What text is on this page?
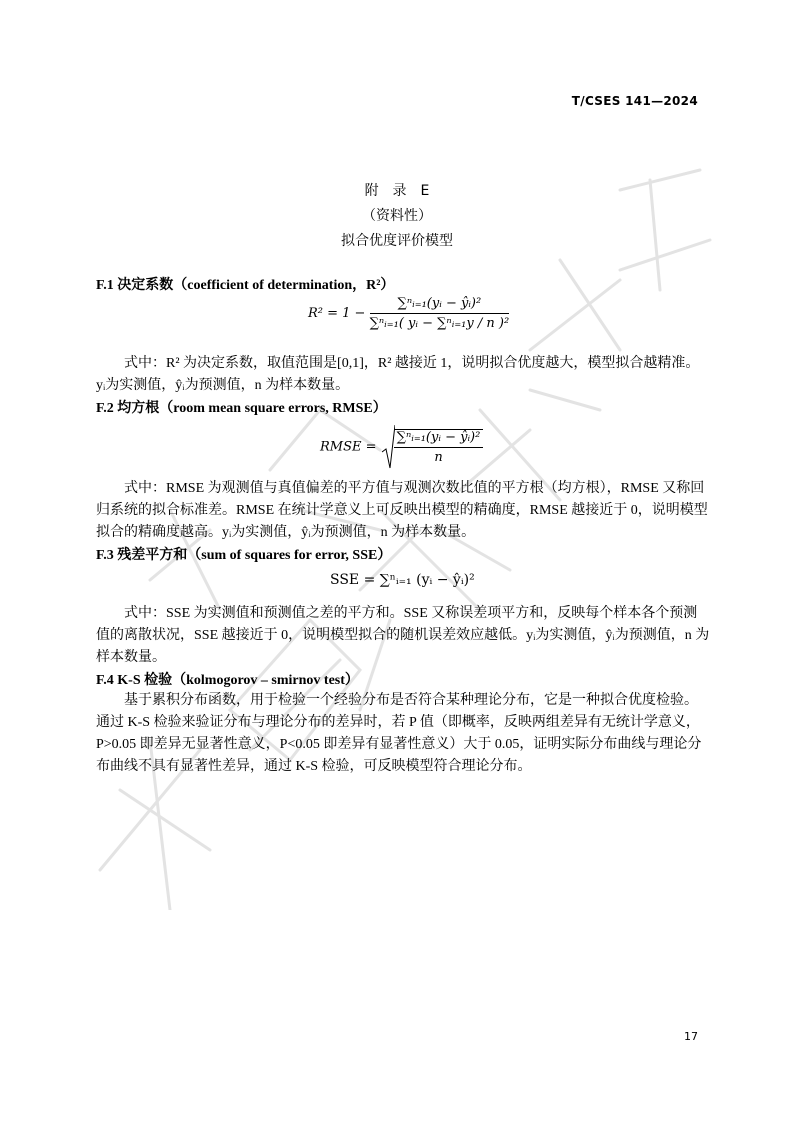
T/CSES 141—2024
附　录　E
（资料性）
拟合优度评价模型
F.1 决定系数（coefficient of determination，R²）
$R^2 = 1 - \frac{\text{∑ⁿᵢ₌₁(yᵢ − ŷᵢ)²}}{\text{∑ⁿᵢ₌₁( yᵢ − ∑ⁿᵢ₌₁y / n )²}}$
式中：R² 为决定系数，取值范围是[0,1]，R² 越接近 1，说明拟合优度越大，模型拟合越精准。
yᵢ为实测值，ŷᵢ为预测值，n 为样本数量。
F.2 均方根（room mean square errors, RMSE）
RMSE = $\frac{\text{∑ⁿᵢ₌₁(yᵢ − ŷᵢ)²}}{n}$
式中：RMSE 为观测值与真值偏差的平方值与观测次数比值的平方根（均方根），RMSE 又称回
归系统的拟合标准差。RMSE 在统计学意义上可反映出模型的精确度，RMSE 越接近于 0，说明模型
拟合的精确度越高。yᵢ为实测值，ŷᵢ为预测值，n 为样本数量。
F.3 残差平方和（sum of squares for error, SSE）
SSE = ∑ⁿᵢ₌₁ (yᵢ − ŷᵢ)²
式中：SSE 为实测值和预测值之差的平方和。SSE 又称误差项平方和，反映每个样本各个预测
值的离散状况，SSE 越接近于 0，说明模型拟合的随机误差效应越低。yᵢ为实测值，ŷᵢ为预测值，n 为
样本数量。
F.4 K-S 检验（kolmogorov – smirnov test）
基于累积分布函数，用于检验一个经验分布是否符合某种理论分布，它是一种拟合优度检验。
通过 K-S 检验来验证分布与理论分布的差异时，若 P 值（即概率，反映两组差异有无统计学意义，
P>0.05 即差异无显著性意义，P<0.05 即差异有显著性意义）大于 0.05，证明实际分布曲线与理论分
布曲线不具有显著性差异，通过 K-S 检验，可反映模型符合理论分布。
17
